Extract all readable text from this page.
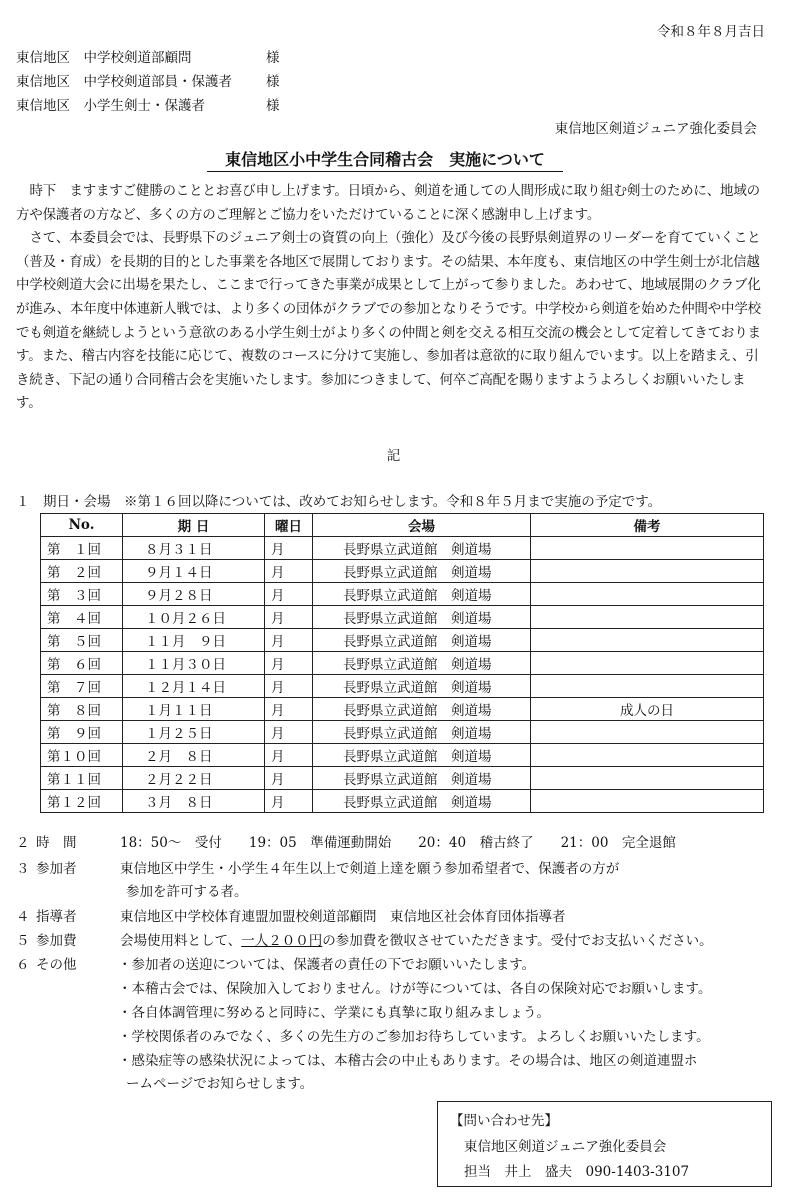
令和８年８月吉日
東信地区　中学校剣道部顧問	様
東信地区　中学校剣道部員・保護者	様
東信地区　小学生剣士・保護者	様
東信地区剣道ジュニア強化委員会
東信地区小中学生合同稽古会　実施について

時下　ますますご健勝のこととお喜び申し上げます。日頃から、剣道を通しての人間形成に取り組む剣士のために、地域の方や保護者の方など、多くの方のご理解とご協力をいただけていることに深く感謝申し上げます。

さて、本委員会では、長野県下のジュニア剣士の資質の向上（強化）及び今後の長野県剣道界のリーダーを育てていくこと（普及・育成）を長期的目的とした事業を各地区で展開しております。その結果、本年度も、東信地区の中学生剣士が北信越中学校剣道大会に出場を果たし、ここまで行ってきた事業が成果として上がって参りました。あわせて、地域展開のクラブ化が進み、本年度中体連新人戦では、より多くの団体がクラブでの参加となりそうです。中学校から剣道を始めた仲間や中学校でも剣道を継続しようという意欲のある小学生剣士がより多くの仲間と剣を交える相互交流の機会として定着してきております。また、稽古内容を技能に応じて、複数のコースに分けて実施し、参加者は意欲的に取り組んでいます。以上を踏まえ、引き続き、下記の通り合同稽古会を実施いたします。参加につきまして、何卒ご高配を賜りますようよろしくお願いいたします。

記
１　 期日・会場　 ※第１６回以降については、改めてお知らせします。令和８年５月まで実施の予定です。
No.	期 日	曜日	会場	備考
第　１回	８月３１日	月	長野県立武道館　剣道場	
第　２回	９月１４日	月	長野県立武道館　剣道場	
第　３回	９月２８日	月	長野県立武道館　剣道場	
第　４回	１０月２６日	月	長野県立武道館　剣道場	
第　５回	１１月　９日	月	長野県立武道館　剣道場	
第　６回	１１月３０日	月	長野県立武道館　剣道場	
第　７回	１２月１４日	月	長野県立武道館　剣道場	
第　８回	１月１１日	月	長野県立武道館　剣道場	成人の日
第　９回	１月２５日	月	長野県立武道館　剣道場	
第１０回	２月　８日	月	長野県立武道館　剣道場	
第１１回	２月２２日	月	長野県立武道館　剣道場	
第１２回	３月　８日	月	長野県立武道館　剣道場	
２ 時　間	18：50～　受付　　19：05　準備運動開始　　20：40　稽古終了　　21：00　完全退館
３ 参加者	東信地区中学生・小学生４年生以上で剣道上達を願う参加希望者で、保護者の方が
参加を許可する者。
４ 指導者	東信地区中学校体育連盟加盟校剣道部顧問　東信地区社会体育団体指導者
５ 参加費	会場使用料として、一人２００円の参加費を徴収させていただきます。受付でお支払いください。
６ その他	・参加者の送迎については、保護者の責任の下でお願いいたします。
・本稽古会では、保険加入しておりません。けが等については、各自の保険対応でお願いします。
・各自体調管理に努めると同時に、学業にも真摯に取り組みましょう。
・学校関係者のみでなく、多くの先生方のご参加お待ちしています。よろしくお願いいたします。
・感染症等の感染状況によっては、本稽古会の中止もあります。その場合は、地区の剣道連盟ホ
ームページでお知らせします。
【問い合わせ先】
東信地区剣道ジュニア強化委員会
担当　井上　盛夫　090-1403-3107
